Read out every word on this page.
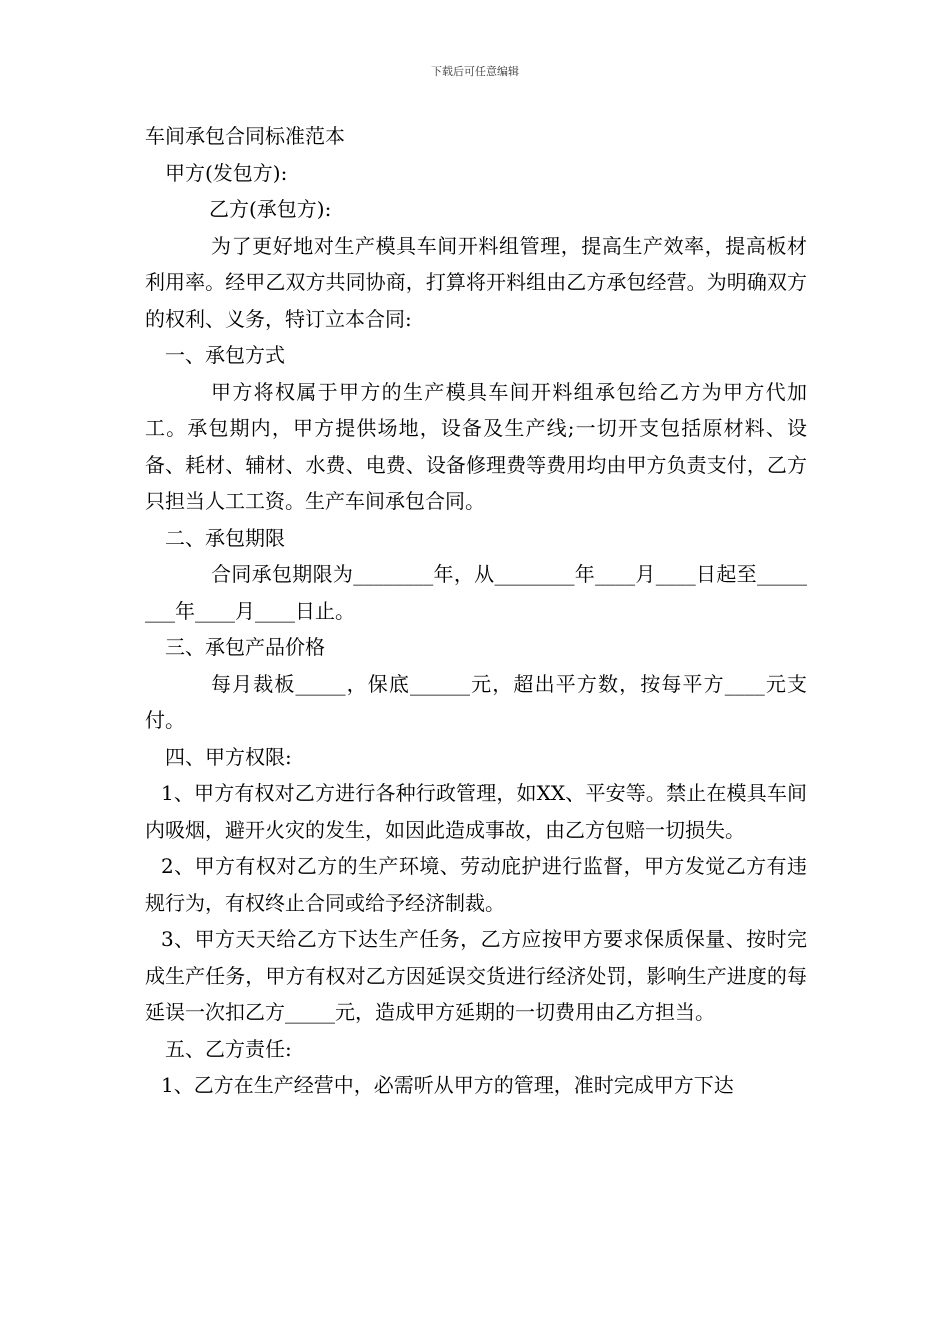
下载后可任意编辑

车间承包合同标准范本

甲方(发包方):

乙方(承包方):

为了更好地对生产模具车间开料组管理，提高生产效率，提高板材利用率。经甲乙双方共同协商，打算将开料组由乙方承包经营。为明确双方的权利、义务，特订立本合同:

一、承包方式

甲方将权属于甲方的生产模具车间开料组承包给乙方为甲方代加工。承包期内，甲方提供场地，设备及生产线;一切开支包括原材料、设备、耗材、辅材、水费、电费、设备修理费等费用均由甲方负责支付，乙方只担当人工工资。生产车间承包合同。

二、承包期限

合同承包期限为________年，从________年____月____日起至________年____月____日止。

三、承包产品价格

每月裁板_____，保底______元，超出平方数，按每平方____元支付。

四、甲方权限:

1、甲方有权对乙方进行各种行政管理，如XX、平安等。禁止在模具车间内吸烟，避开火灾的发生，如因此造成事故，由乙方包赔一切损失。

2、甲方有权对乙方的生产环境、劳动庇护进行监督，甲方发觉乙方有违规行为，有权终止合同或给予经济制裁。

3、甲方天天给乙方下达生产任务，乙方应按甲方要求保质保量、按时完成生产任务，甲方有权对乙方因延误交货进行经济处罚，影响生产进度的每延误一次扣乙方_____元，造成甲方延期的一切费用由乙方担当。

五、乙方责任:

1、乙方在生产经营中，必需听从甲方的管理，准时完成甲方下达
